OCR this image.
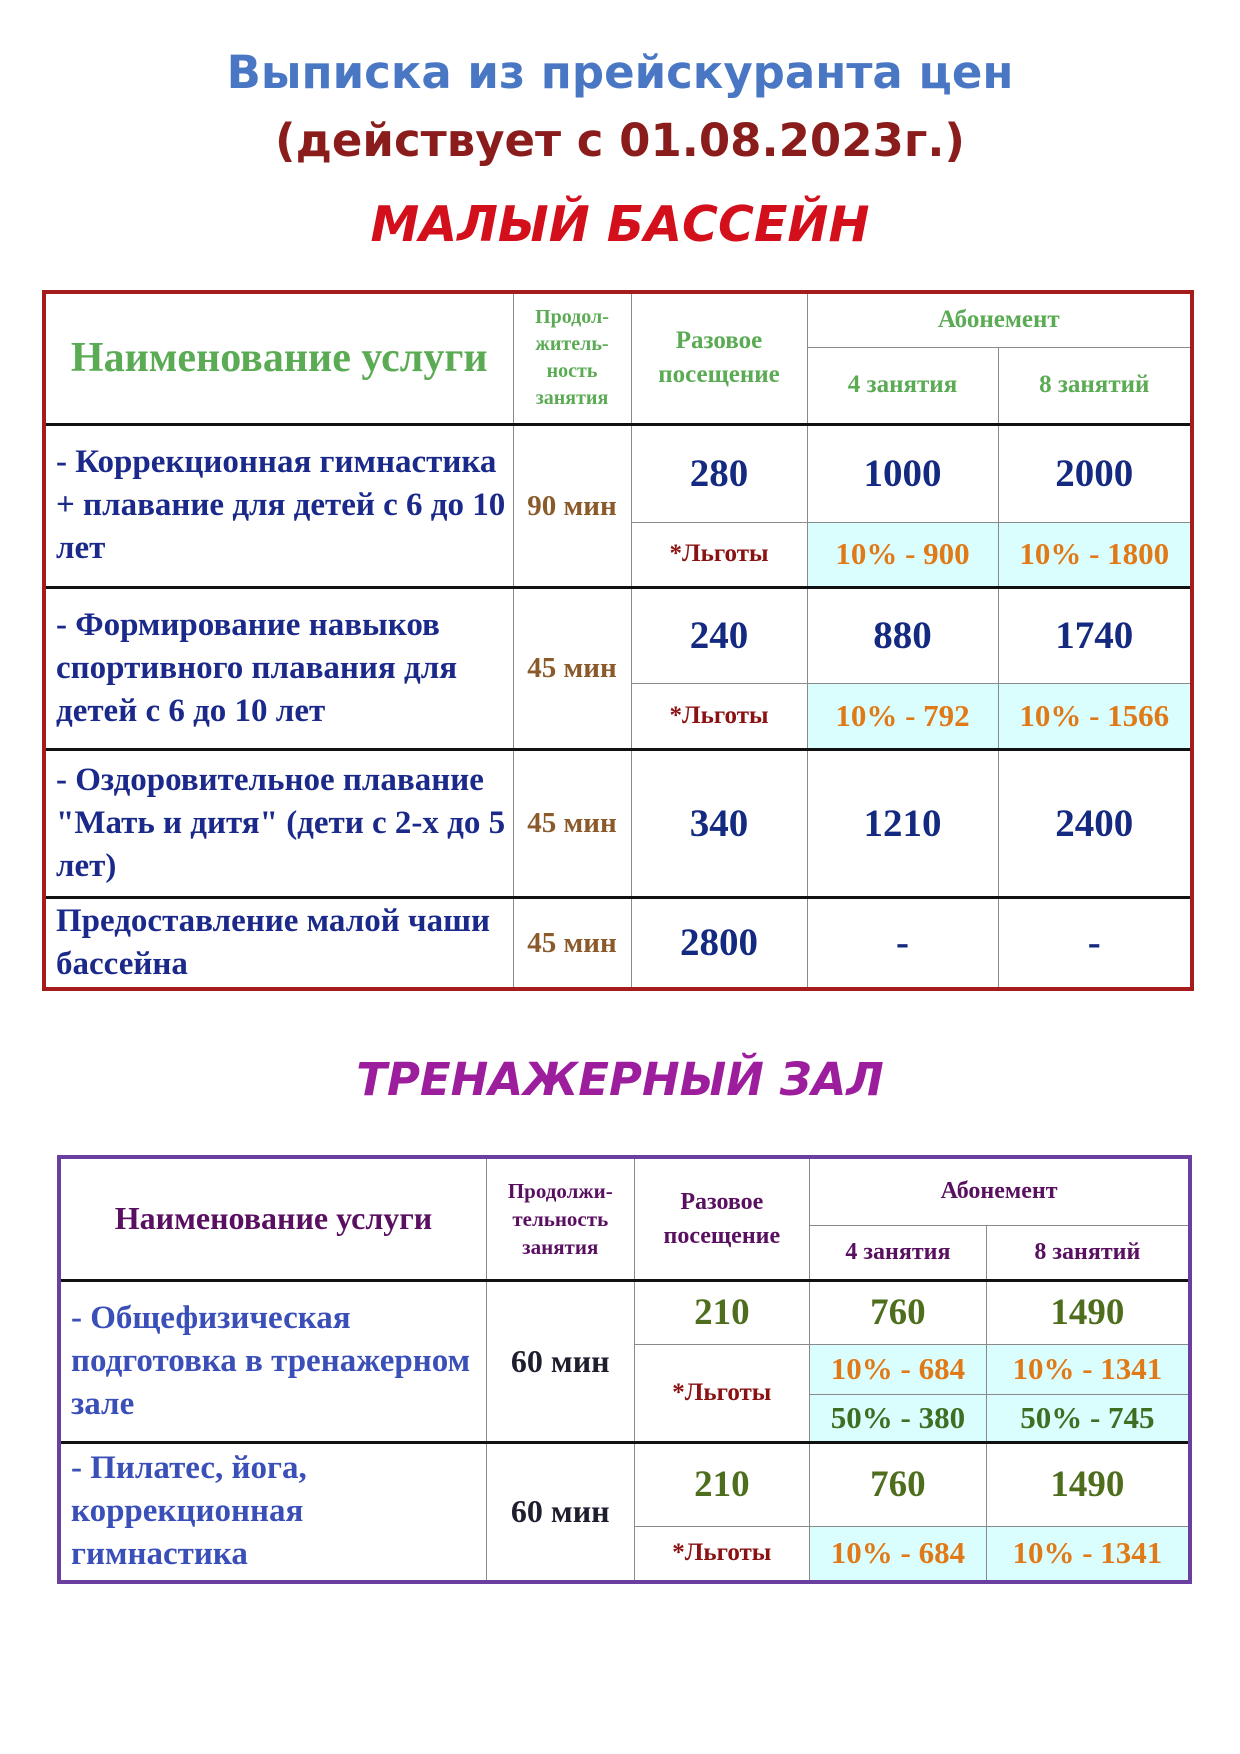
Выписка из прейскуранта цен
(действует с 01.08.2023г.)
МАЛЫЙ БАССЕЙН
Наименование услуги	Продол-житель-ность занятия	Разовое посещение	Абонемент	
			4 занятия	8 занятий
- Коррекционная гимнастика + плавание для детей с 6 до 10 лет	90 мин	280	1000	2000
		*Льготы	10% - 900	10% - 1800
- Формирование навыков спортивного плавания для детей с 6 до 10 лет	45 мин	240	880	1740
		*Льготы	10% - 792	10% - 1566
- Оздоровительное плавание "Мать и дитя" (дети с 2-х до 5 лет)	45 мин	340	1210	2400
Предоставление малой чаши бассейна	45 мин	2800	-	-
ТРЕНАЖЕРНЫЙ ЗАЛ
Наименование услуги	Продолжи-тельность занятия	Разовое посещение	Абонемент	
			4 занятия	8 занятий
- Общефизическая подготовка в тренажерном зале	60 мин	210	760	1490
		*Льготы	10% - 684	10% - 1341
			50% - 380	50% - 745
- Пилатес, йога, коррекционная гимнастика	60 мин	210	760	1490
		*Льготы	10% - 684	10% - 1341
